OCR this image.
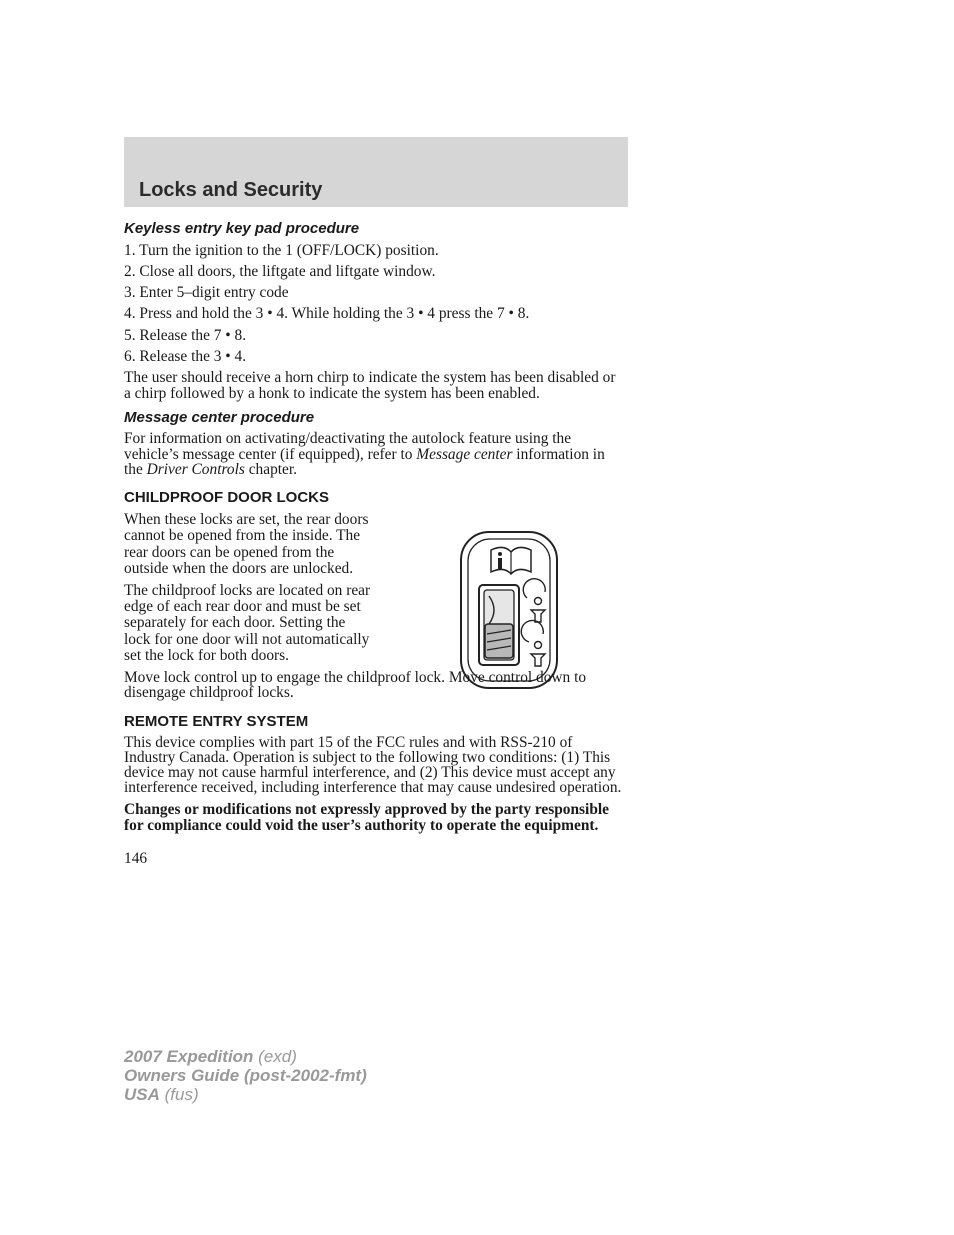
Locks and Security

Keyless entry key pad procedure

1. Turn the ignition to the 1 (OFF/LOCK) position.

2. Close all doors, the liftgate and liftgate window.

3. Enter 5–digit entry code

4. Press and hold the 3 • 4. While holding the 3 • 4 press the 7 • 8.

5. Release the 7 • 8.

6. Release the 3 • 4.

The user should receive a horn chirp to indicate the system has been disabled or a chirp followed by a honk to indicate the system has been enabled.

Message center procedure

For information on activating/deactivating the autolock feature using the vehicle’s message center (if equipped), refer to Message center information in the Driver Controls chapter.

CHILDPROOF DOOR LOCKS

When these locks are set, the rear doors cannot be opened from the inside. The rear doors can be opened from the outside when the doors are unlocked.

The childproof locks are located on rear edge of each rear door and must be set separately for each door. Setting the lock for one door will not automatically set the lock for both doors.

Move lock control up to engage the childproof lock. Move control down to disengage childproof locks.

REMOTE ENTRY SYSTEM

This device complies with part 15 of the FCC rules and with RSS-210 of Industry Canada. Operation is subject to the following two conditions: (1) This device may not cause harmful interference, and (2) This device must accept any interference received, including interference that may cause undesired operation.

Changes or modifications not expressly approved by the party responsible for compliance could void the user’s authority to operate the equipment.

146

2007 Expedition (exd)
Owners Guide (post-2002-fmt)
USA (fus)
